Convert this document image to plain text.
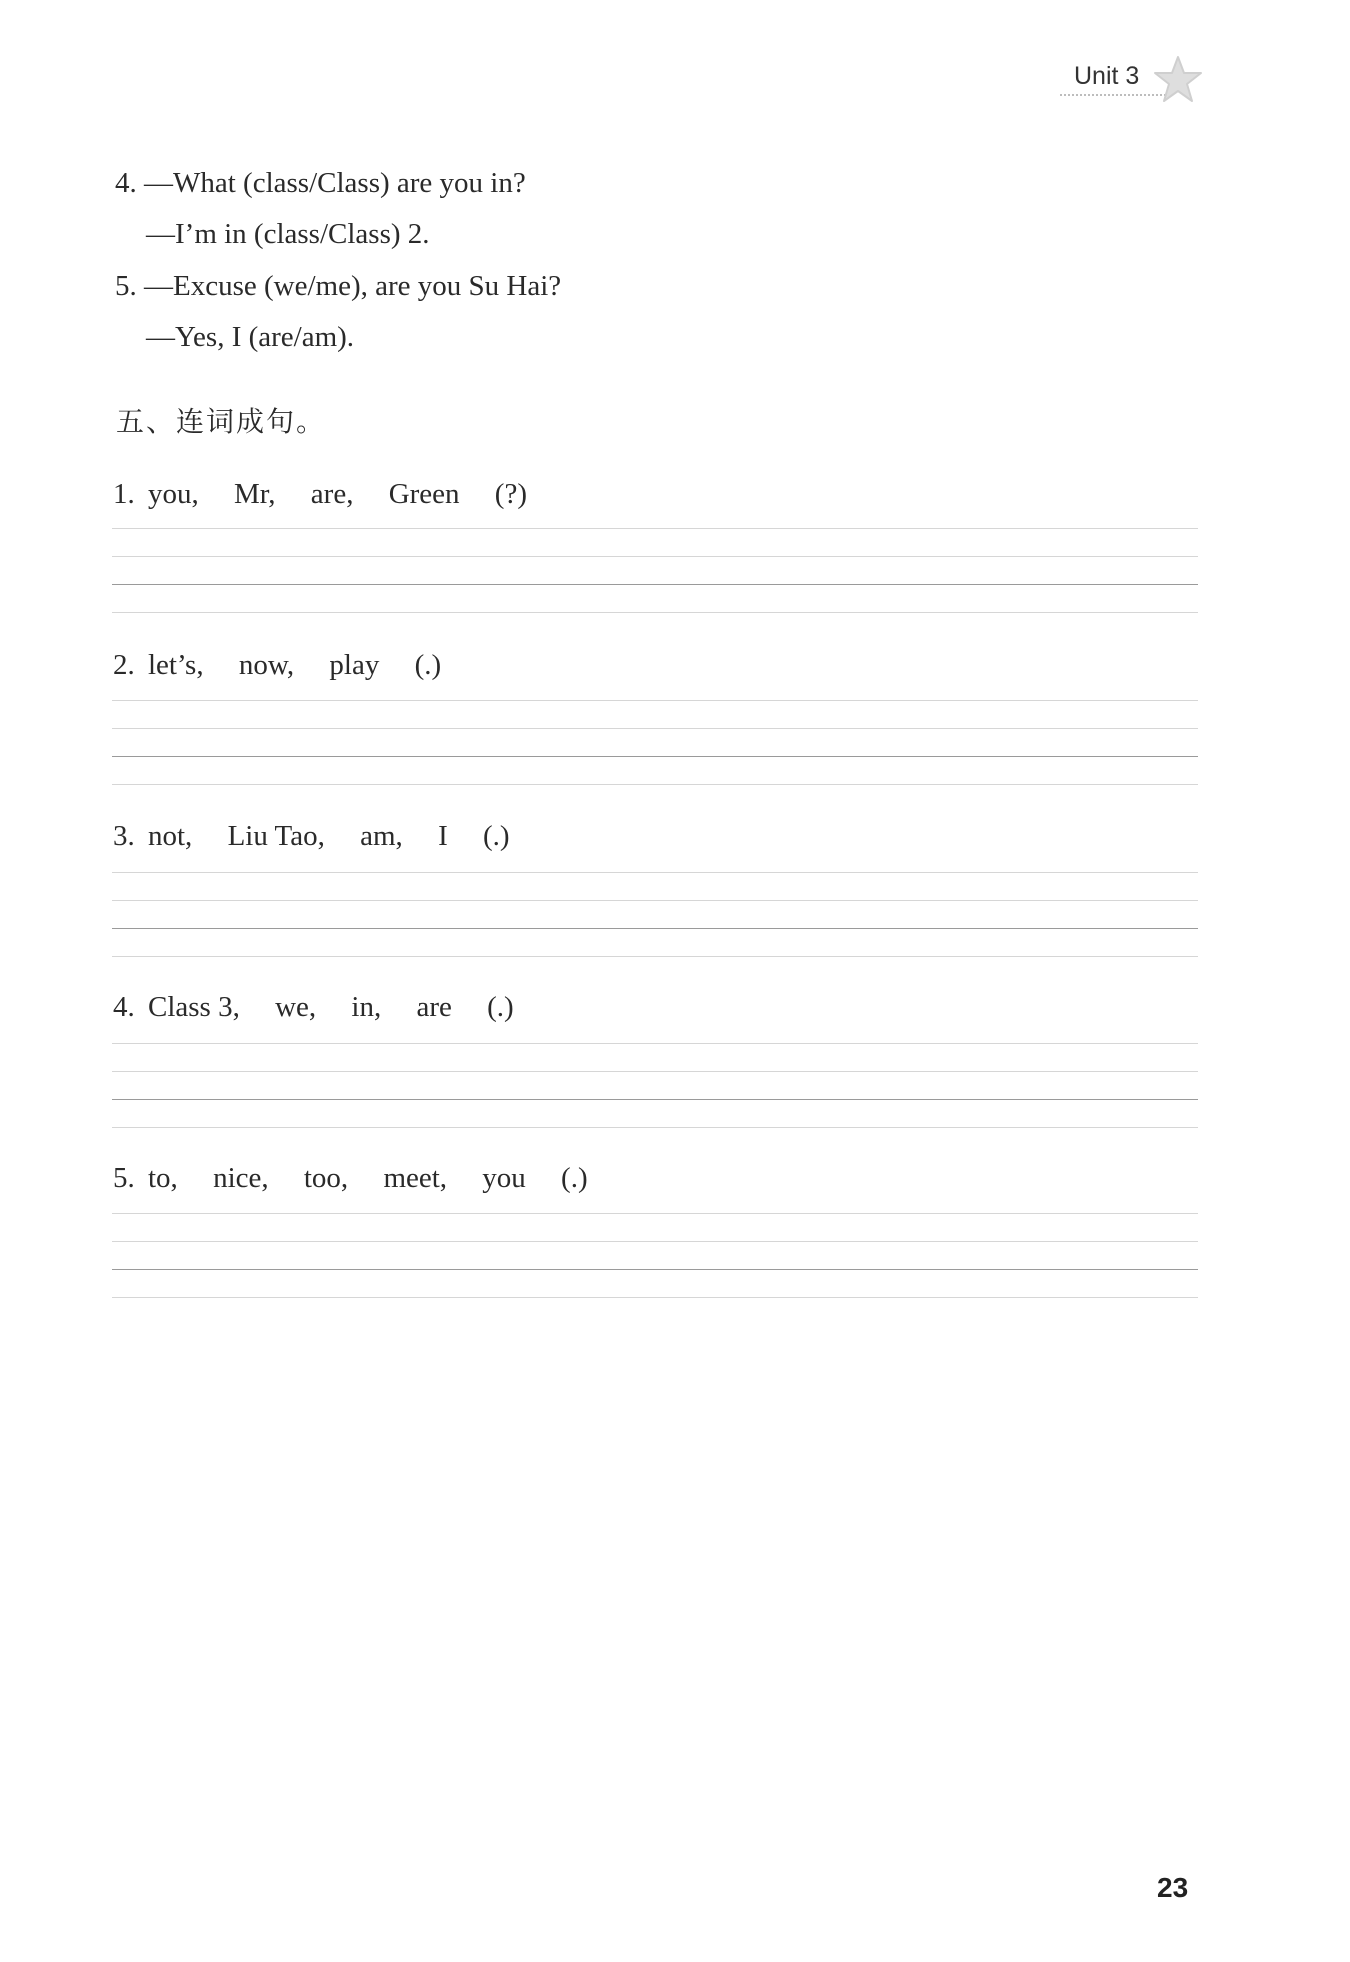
Unit 3
4. —What (class/Class) are you in?
—I’m in (class/Class) 2.
5. —Excuse (we/me), are you Su Hai?
—Yes, I (are/am).
五、连词成句。
1. you, Mr, are, Green (?)
2. let’s, now, play (.)
3. not, Liu Tao, am, I (.)
4. Class 3, we, in, are (.)
5. to, nice, too, meet, you (.)
23
